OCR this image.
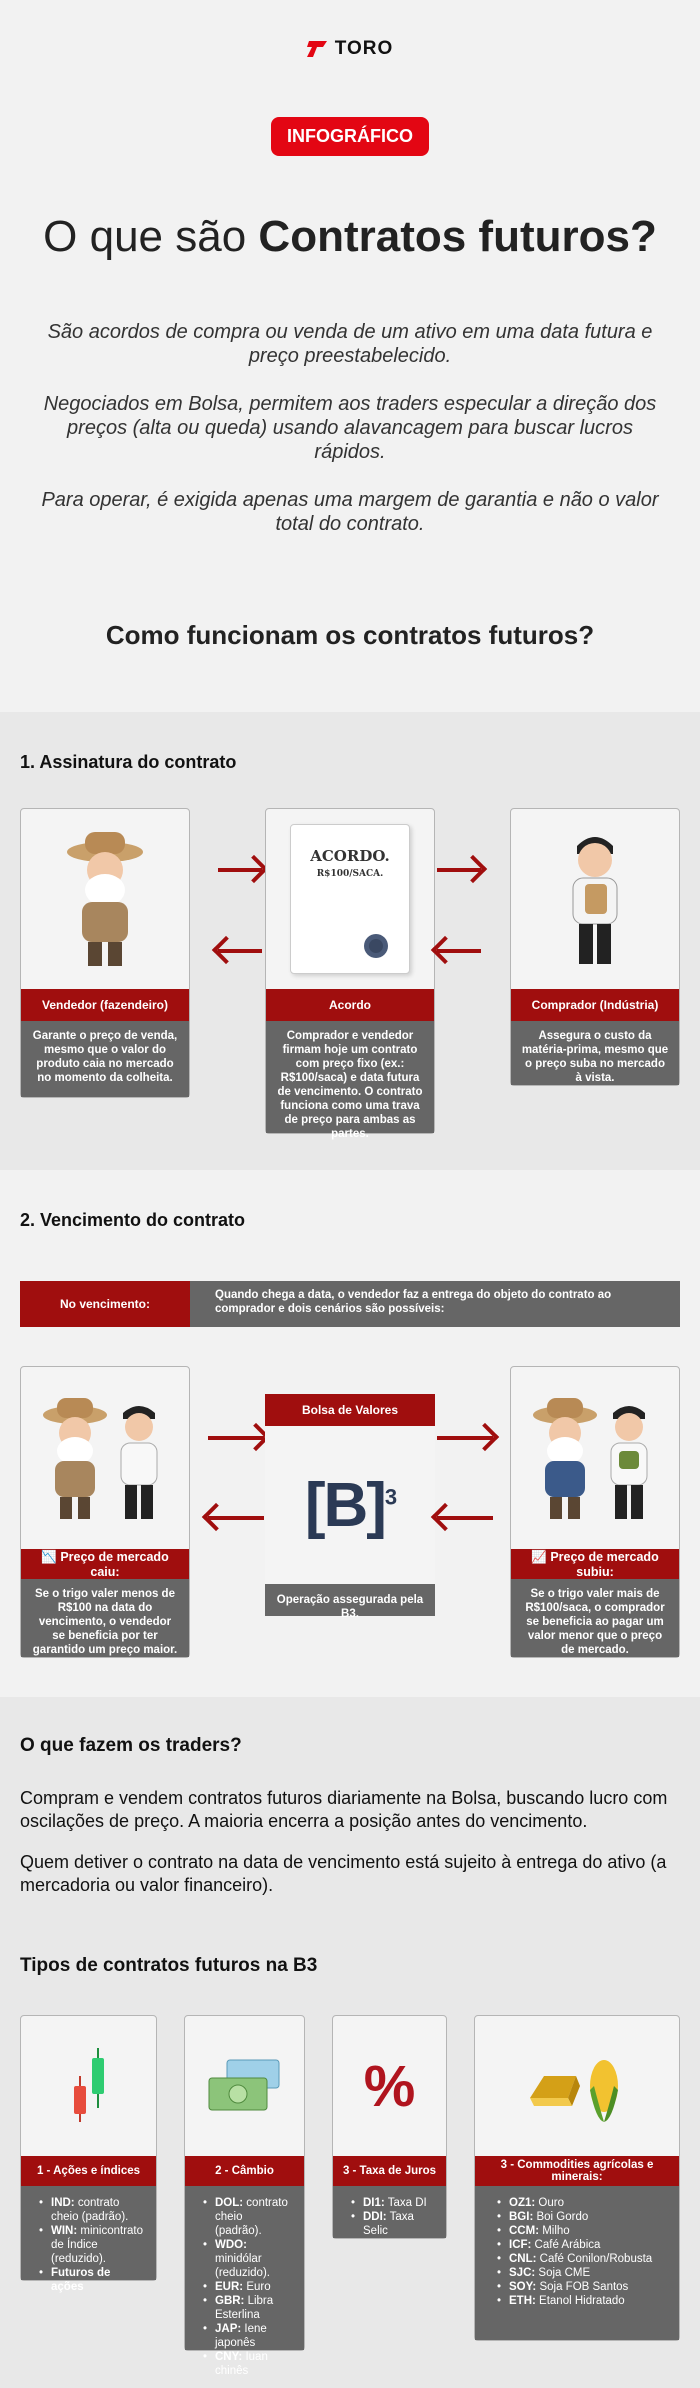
TORO
INFOGRÁFICO
O que são Contratos futuros?

São acordos de compra ou venda de um ativo em uma data futura e preço preestabelecido.

Negociados em Bolsa, permitem aos traders especular a direção dos preços (alta ou queda) usando alavancagem para buscar lucros rápidos.

Para operar, é exigida apenas uma margem de garantia e não o valor total do contrato.

Como funcionam os contratos futuros?
1. Assinatura do contrato
Vendedor (fazendeiro)
Garante o preço de venda, mesmo que o valor do produto caia no mercado no momento da colheita.
ACORDO.
R$100/SACA.
Acordo
Comprador e vendedor firmam hoje um contrato com preço fixo (ex.: R$100/saca) e data futura de vencimento. O contrato funciona como uma trava de preço para ambas as partes.
Comprador (Indústria)
Assegura o custo da matéria-prima, mesmo que o preço suba no mercado à vista.
2. Vencimento do contrato
No vencimento:
Quando chega a data, o vendedor faz a entrega do objeto do contrato ao comprador e dois cenários são possíveis:
📉 Preço de mercado caiu:
Se o trigo valer menos de R$100 na data do vencimento, o vendedor se beneficia por ter garantido um preço maior.
Bolsa de Valores
$[B]^3$
Operação assegurada pela B3.
📈 Preço de mercado subiu:
Se o trigo valer mais de R$100/saca, o comprador se beneficia ao pagar um valor menor que o preço de mercado.
O que fazem os traders?

Compram e vendem contratos futuros diariamente na Bolsa, buscando lucro com oscilações de preço. A maioria encerra a posição antes do vencimento.

Quem detiver o contrato na data de vencimento está sujeito à entrega do ativo (a mercadoria ou valor financeiro).

Tipos de contratos futuros na B3
1 - Ações e índices
• IND: contrato cheio (padrão).
• WIN: minicontrato de Índice (reduzido).
• Futuros de ações
2 - Câmbio
• DOL: contrato cheio (padrão).
• WDO: minidólar (reduzido).
• EUR: Euro
• GBR: Libra Esterlina
• JAP: Iene japonês
• CNY: Iuan chinês
%
3 - Taxa de Juros
• DI1: Taxa DI
• DDI: Taxa Selic
3 - Commodities agrícolas e minerais:
• OZ1: Ouro
• BGI: Boi Gordo
• CCM: Milho
• ICF: Café Arábica
• CNL: Café Conilon/Robusta
• SJC: Soja CME
• SOY: Soja FOB Santos
• ETH: Etanol Hidratado
